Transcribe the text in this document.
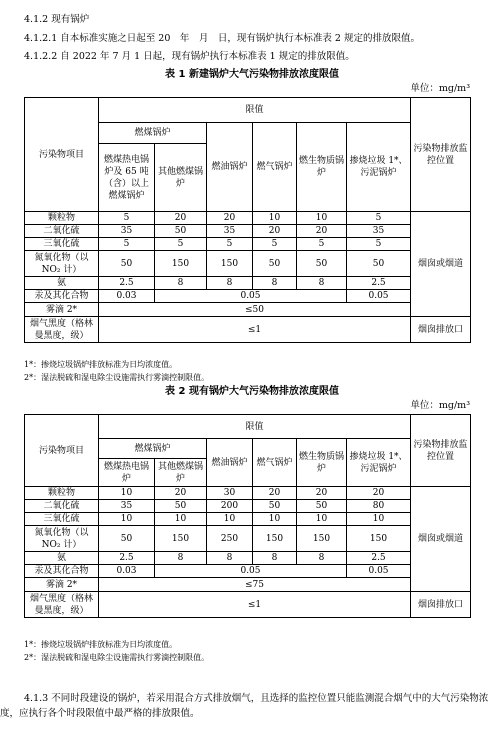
4.1.2 现有锅炉
4.1.2.1 自本标准实施之日起至 20　年　月　日，现有锅炉执行本标准表 2 规定的排放限值。
4.1.2.2 自 2022 年 7 月 1 日起，现有锅炉执行本标准表 1 规定的排放限值。
表 1 新建锅炉大气污染物排放浓度限值
单位：mg/m³
污染物项目	限值						污染物排放监控位置
	燃煤锅炉		燃油锅炉	燃气锅炉	燃生物质锅炉	掺烧垃圾 1*、污泥锅炉	
	燃煤热电锅炉及 65 吨（含）以上燃煤锅炉	其他燃煤锅炉					
颗粒物	5	20	20	10	10	5	烟囱或烟道
二氧化硫	35	50	35	20	20	35	
三氧化硫	5	5	5	5	5	5	
氮氧化物（以 NO₂ 计）	50	150	150	50	50	50	
氨	2.5	8	8	8	8	2.5	
汞及其化合物	0.03	0.05				0.05	
雾滴 2*	≤50						
烟气黑度（格林曼黑度，级）	≤1						烟囱排放口
1*：掺烧垃圾锅炉排放标准为日均浓度值。
2*：湿法脱硫和湿电除尘设施需执行雾滴控制限值。
表 2 现有锅炉大气污染物排放浓度限值
单位：mg/m³
污染物项目	限值						污染物排放监控位置
	燃煤锅炉		燃油锅炉	燃气锅炉	燃生物质锅炉	掺烧垃圾 1*、污泥锅炉	
	燃煤热电锅炉	其他燃煤锅炉					
颗粒物	10	20	30	20	20	20	烟囱或烟道
二氧化硫	35	50	200	50	50	80	
三氧化硫	10	10	10	10	10	10	
氮氧化物（以 NO₂ 计）	50	150	250	150	150	150	
氨	2.5	8	8	8	8	2.5	
汞及其化合物	0.03	0.05				0.05	
雾滴 2*	≤75						
烟气黑度（格林曼黑度，级）	≤1						烟囱排放口
1*：掺烧垃圾锅炉排放标准为日均浓度值。
2*：湿法脱硫和湿电除尘设施需执行雾滴控制限值。
4.1.3 不同时段建设的锅炉，若采用混合方式排放烟气，且选择的监控位置只能监测混合烟气中的大气污染物浓度，应执行各个时段限值中最严格的排放限值。
